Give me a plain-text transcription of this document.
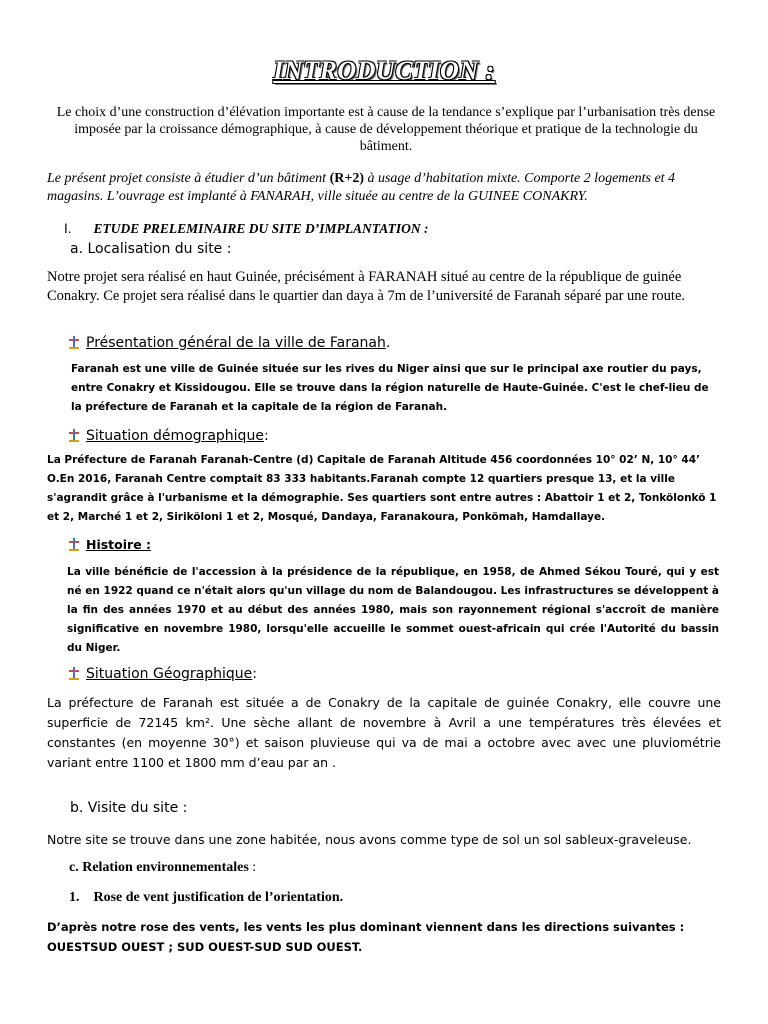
INTRODUCTION :
Le choix d’une construction d’élévation importante est à cause de la tendance s’explique par l’urbanisation très dense imposée par la croissance démographique, à cause de développement théorique et pratique de la technologie du bâtiment.
Le présent projet consiste à étudier d’un bâtiment (R+2) à usage d’habitation mixte. Comporte 2 logements et 4 magasins. L’ouvrage est implanté à FANARAH, ville située au centre de la GUINEE CONAKRY.
I. ETUDE PRELEMINAIRE DU SITE D’IMPLANTATION :
a. Localisation du site :
Notre projet sera réalisé en haut Guinée, précisément à FARANAH situé au centre de la république de guinée Conakry. Ce projet sera réalisé dans le quartier dan daya à 7m de l’université de Faranah séparé par une route.
Présentation général de la ville de Faranah .
Faranah est une ville de Guinée située sur les rives du Niger ainsi que sur le principal axe routier du pays, entre Conakry et Kissidougou. Elle se trouve dans la région naturelle de Haute-Guinée. C'est le chef-lieu de la préfecture de Faranah et la capitale de la région de Faranah.
Situation démographique :
La Préfecture de Faranah Faranah-Centre (d) Capitale de Faranah Altitude 456 coordonnées 10° 02’ N, 10° 44’ O.En 2016, Faranah Centre comptait 83 333 habitants.Faranah compte 12 quartiers presque 13, et la ville s'agrandit grâce à l'urbanisme et la démographie. Ses quartiers sont entre autres : Abattoir 1 et 2, Tonkölonkö 1 et 2, Marché 1 et 2, Siriköloni 1 et 2, Mosqué, Dandaya, Faranakoura, Ponkömah, Hamdallaye.
Histoire :
La ville bénéficie de l'accession à la présidence de la république, en 1958, de Ahmed Sékou Touré, qui y est né en 1922 quand ce n'était alors qu'un village du nom de Balandougou. Les infrastructures se développent à la fin des années 1970 et au début des années 1980, mais son rayonnement régional s'accroît de manière significative en novembre 1980, lorsqu'elle accueille le sommet ouest-africain qui crée l'Autorité du bassin du Niger.
Situation Géographique :
La préfecture de Faranah est située a de Conakry de la capitale de guinée Conakry, elle couvre une superficie de 72145 km². Une sèche allant de novembre à Avril a une températures très élevées et constantes (en moyenne 30°) et saison pluvieuse qui va de mai a octobre avec avec une pluviométrie variant entre 1100 et 1800 mm d’eau par an .
b. Visite du site :
Notre site se trouve dans une zone habitée, nous avons comme type de sol un sol sableux-graveleuse.
c. Relation environnementales :
1.    Rose de vent justification de l’orientation.
D’après notre rose des vents, les vents les plus dominant viennent dans les directions suivantes : OUESTSUD OUEST ; SUD OUEST-SUD SUD OUEST.
